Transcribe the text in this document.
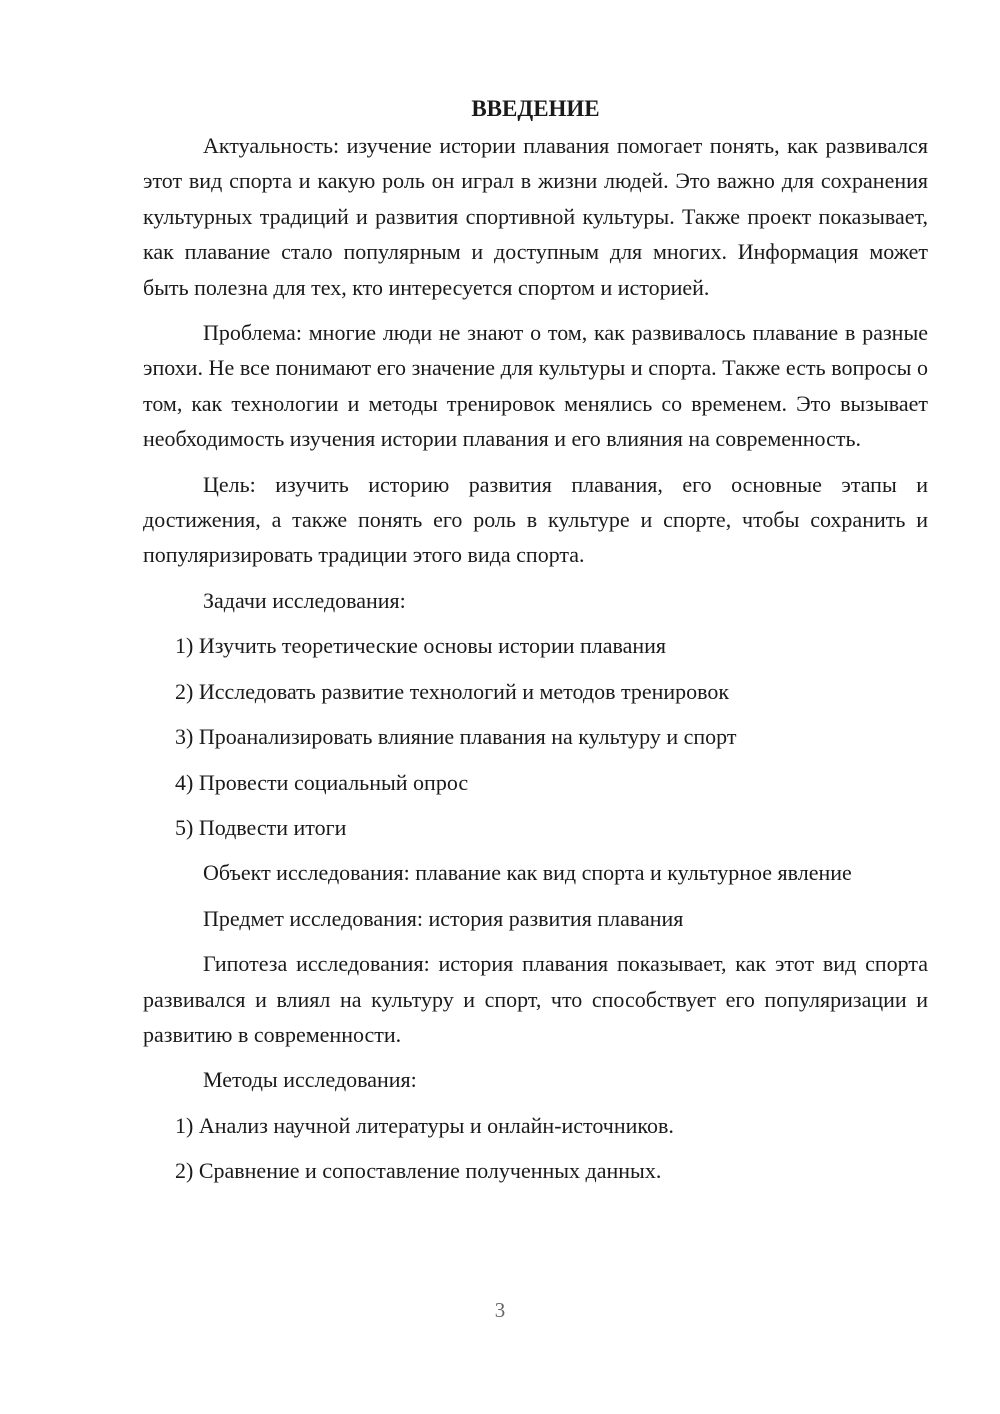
ВВЕДЕНИЕ

Актуальность: изучение истории плавания помогает понять, как развивался этот вид спорта и какую роль он играл в жизни людей. Это важно для сохранения культурных традиций и развития спортивной культуры. Также проект показывает, как плавание стало популярным и доступным для многих. Информация может быть полезна для тех, кто интересуется спортом и историей.

Проблема: многие люди не знают о том, как развивалось плавание в разные эпохи. Не все понимают его значение для культуры и спорта. Также есть вопросы о том, как технологии и методы тренировок менялись со временем. Это вызывает необходимость изучения истории плавания и его влияния на современность.

Цель: изучить историю развития плавания, его основные этапы и достижения, а также понять его роль в культуре и спорте, чтобы сохранить и популяризировать традиции этого вида спорта.

Задачи исследования:

1) Изучить теоретические основы истории плавания

2) Исследовать развитие технологий и методов тренировок

3) Проанализировать влияние плавания на культуру и спорт

4) Провести социальный опрос

5) Подвести итоги

Объект исследования: плавание как вид спорта и культурное явление

Предмет исследования: история развития плавания

Гипотеза исследования: история плавания показывает, как этот вид спорта развивался и влиял на культуру и спорт, что способствует его популяризации и развитию в современности.

Методы исследования:

1) Анализ научной литературы и онлайн-источников.

2) Сравнение и сопоставление полученных данных.

3
